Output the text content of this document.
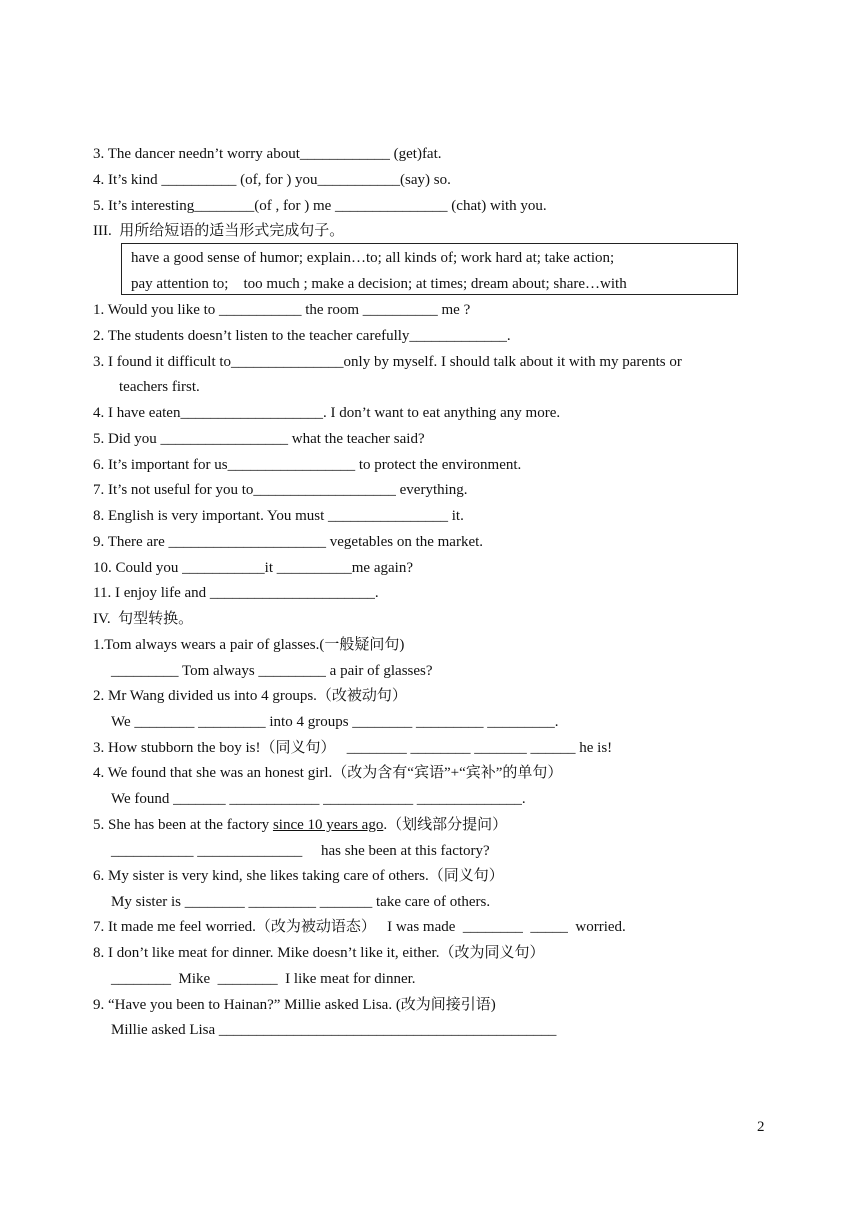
3. The dancer needn’t worry about____________ (get)fat.
4. It’s kind __________ (of, for ) you___________(say) so.
5. It’s interesting________(of , for ) me _______________ (chat) with you.
III.  用所给短语的适当形式完成句子。
have a good sense of humor; explain…to; all kinds of; work hard at; take action;
pay attention to;    too much ; make a decision; at times; dream about; share…with
1. Would you like to ___________ the room __________ me ?
2. The students doesn’t listen to the teacher carefully_____________.
3. I found it difficult to_______________only by myself. I should talk about it with my parents or
teachers first.
4. I have eaten___________________. I don’t want to eat anything any more.
5. Did you _________________ what the teacher said?
6. It’s important for us_________________ to protect the environment.
7. It’s not useful for you to___________________ everything.
8. English is very important. You must ________________ it.
9. There are _____________________ vegetables on the market.
10. Could you ___________it __________me again?
11. I enjoy life and ______________________.
IV.  句型转换。
1.Tom always wears a pair of glasses.(一般疑问句)
_________ Tom always _________ a pair of glasses?
2. Mr Wang divided us into 4 groups.（改被动句）
We ________ _________ into 4 groups ________ _________ _________.
3. How stubborn the boy is!（同义句）   ________ ________ _______ ______ he is!
4. We found that she was an honest girl.（改为含有“宾语”+“宾补”的单句）
We found _______ ____________ ____________ ______________.
5. She has been at the factory since 10 years ago.（划线部分提问）
___________ ______________     has she been at this factory?
6. My sister is very kind, she likes taking care of others.（同义句）
My sister is ________ _________ _______ take care of others.
7. It made me feel worried.（改为被动语态）   I was made  ________  _____  worried.
8. I don’t like meat for dinner. Mike doesn’t like it, either.（改为同义句）
________  Mike  ________  I like meat for dinner.
9. “Have you been to Hainan?” Millie asked Lisa. (改为间接引语)
Millie asked Lisa _____________________________________________
2
